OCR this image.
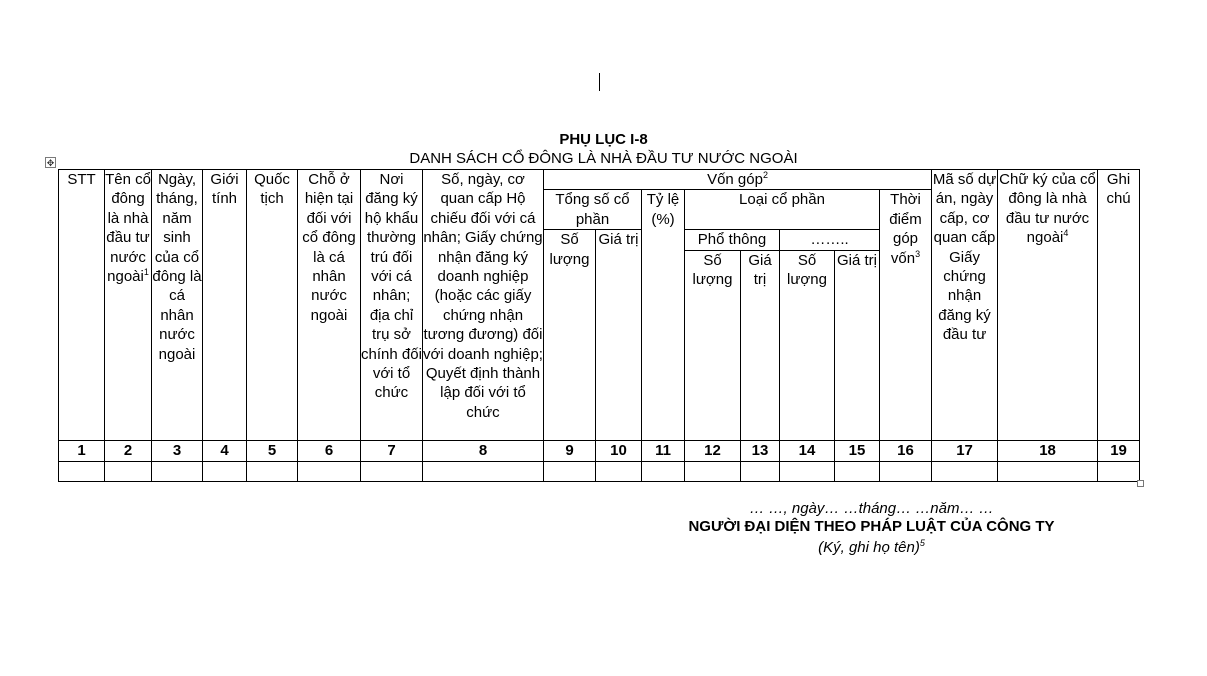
PHỤ LỤC I-8
DANH SÁCH CỔ ĐÔNG LÀ NHÀ ĐẦU TƯ NƯỚC NGOÀI
✥
STT	Tên cổ đông là nhà đầu tư nước ngoài$^1$	Ngày, tháng, năm sinh của cổ đông là cá nhân nước ngoài	Giới tính	Quốc tịch	Chỗ ở hiện tại đối với cổ đông là cá nhân nước ngoài	Nơi đăng ký hộ khẩu thường trú đối với cá nhân; địa chỉ trụ sở chính đối với tổ chức	Số, ngày, cơ quan cấp Hộ chiếu đối với cá nhân; Giấy chứng nhận đăng ký doanh nghiệp (hoặc các giấy chứng nhận tương đương) đối với doanh nghiệp; Quyết định thành lập đối với tổ chức	Vốn góp$^2$								Mã số dự án, ngày cấp, cơ quan cấp Giấy chứng nhận đăng ký đầu tư	Chữ ký của cổ đông là nhà đầu tư nước ngoài$^4$	Ghi chú
								Tổng số cổ phần		Tỷ lệ (%)	Loại cổ phần				Thời điểm góp vốn$^3$
								Số lượng	Giá trị		Phổ thông		……..					
											Số lượng	Giá trị	Số lượng	Giá trị				

1	2	3	4	5	6	7	8	9	10	11	12	13	14	15	16	17	18	19

… …, ngày… …tháng… …năm… …
NGƯỜI ĐẠI DIỆN THEO PHÁP LUẬT CỦA CÔNG TY
(Ký, ghi họ tên)$^5$
